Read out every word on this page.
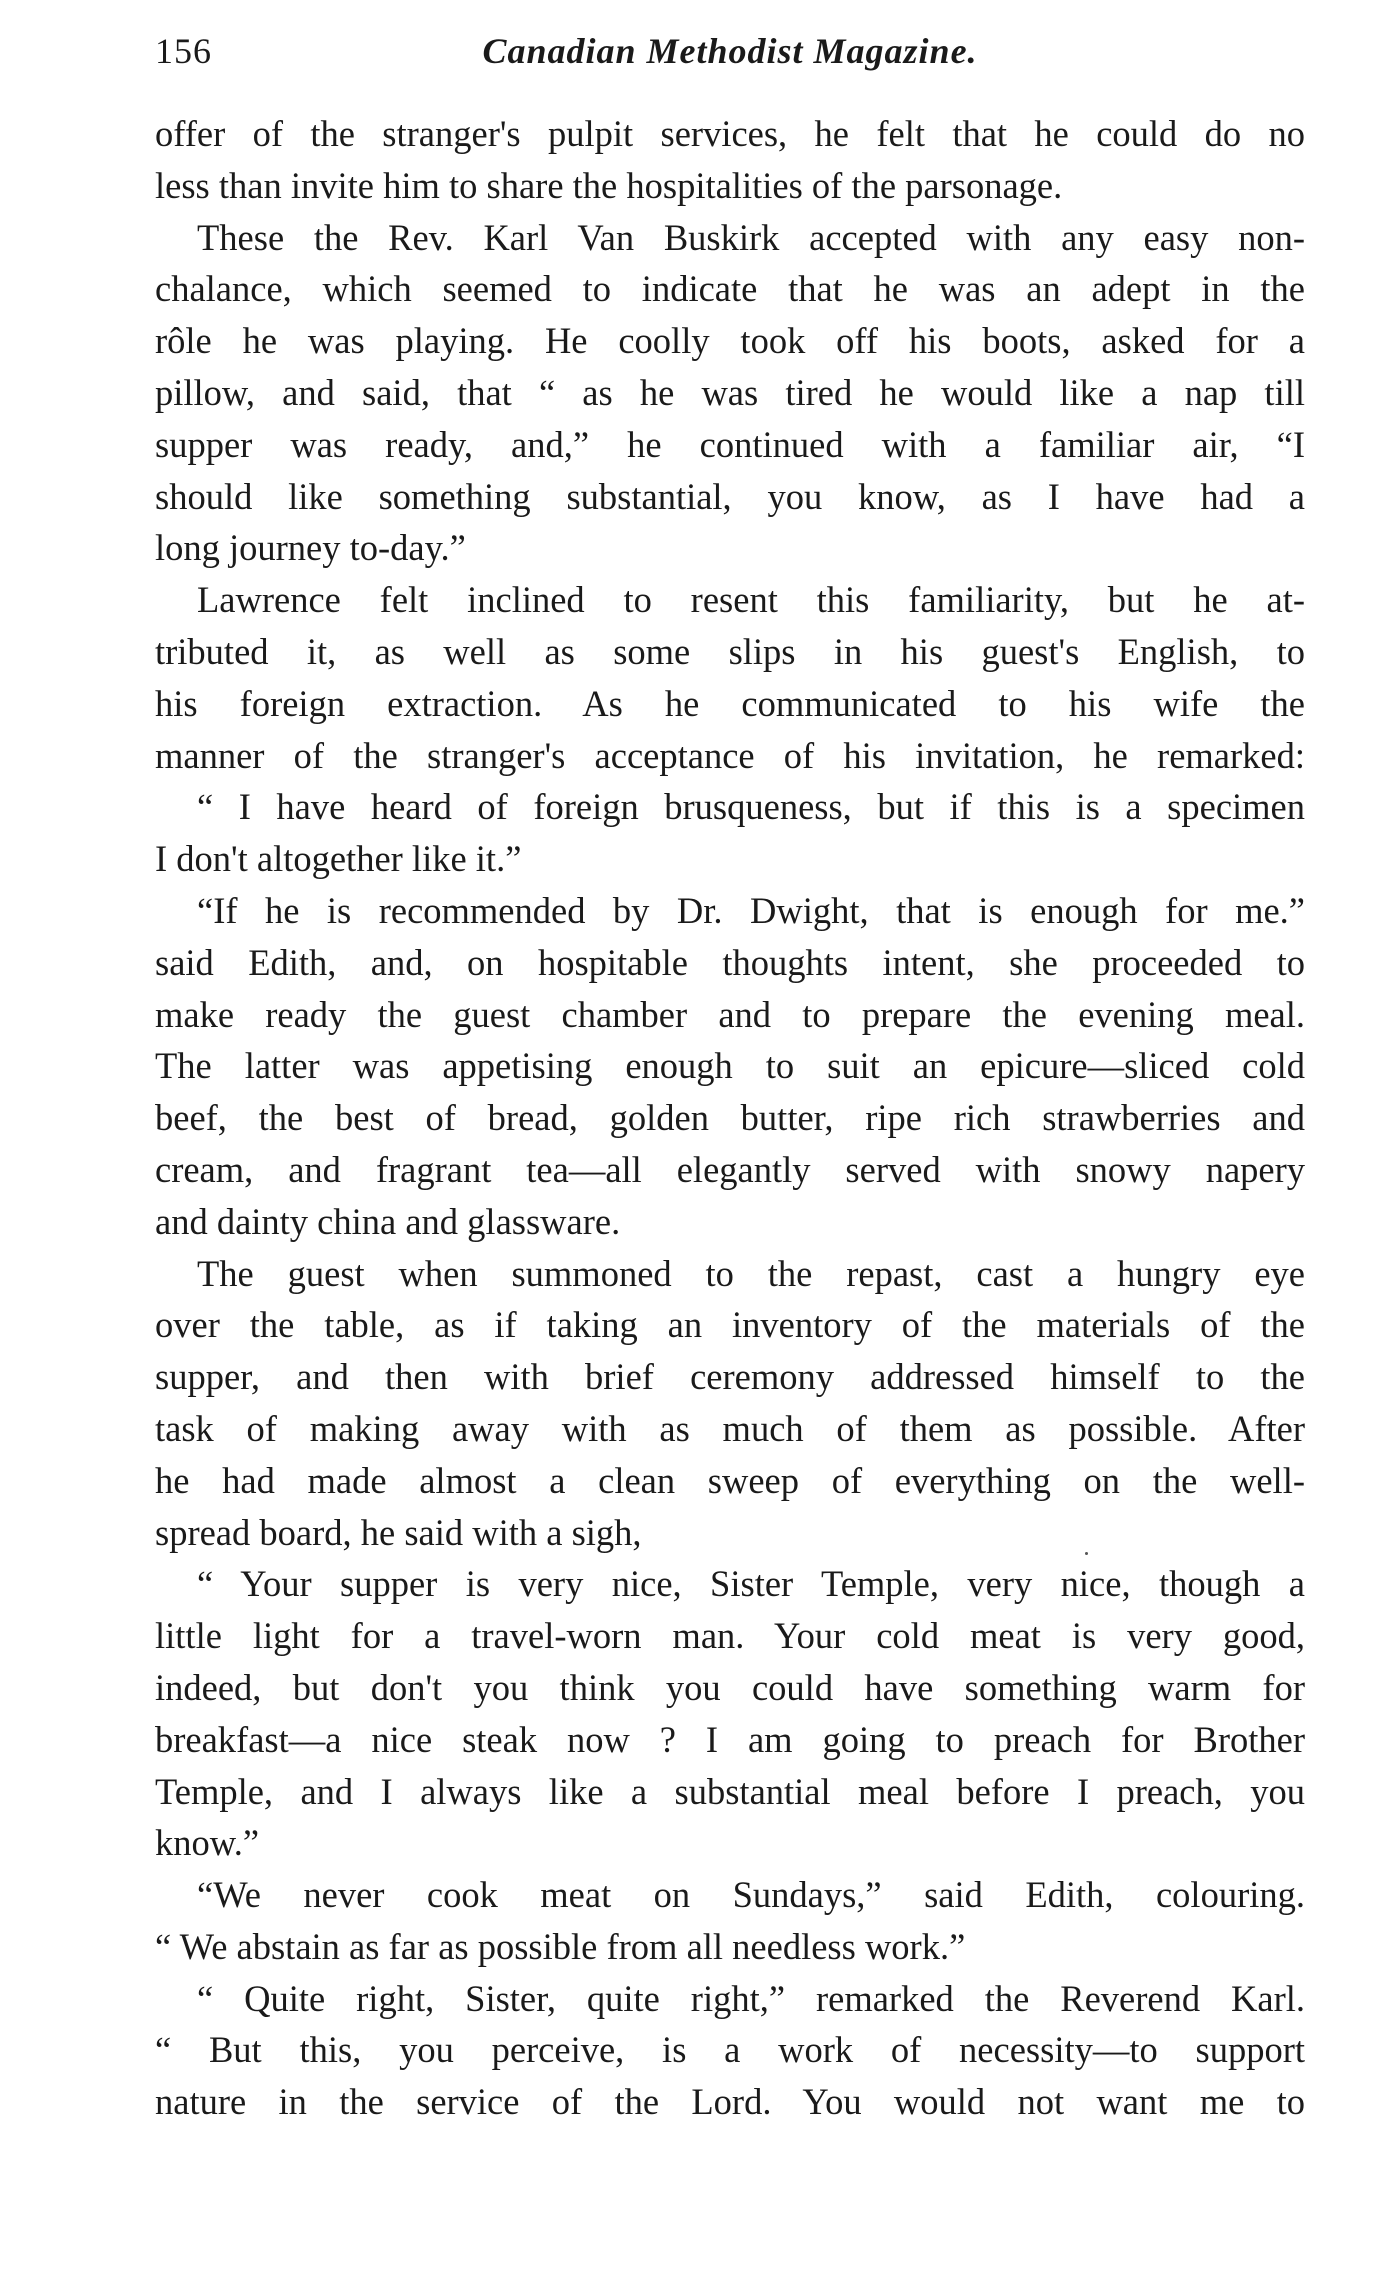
156	Canadian Methodist Magazine.
offer of the stranger's pulpit services, he felt that he could do no
less than invite him to share the hospitalities of the parsonage.
These the Rev. Karl Van Buskirk accepted with any easy non-
chalance, which seemed to indicate that he was an adept in the
rôle he was playing. He coolly took off his boots, asked for a
pillow, and said, that “ as he was tired he would like a nap till
supper was ready, and,” he continued with a familiar air, “I
should like something substantial, you know, as I have had a
long journey to-day.”
Lawrence felt inclined to resent this familiarity, but he at-
tributed it, as well as some slips in his guest's English, to
his foreign extraction. As he communicated to his wife the
manner of the stranger's acceptance of his invitation, he remarked:
“ I have heard of foreign brusqueness, but if this is a specimen
I don't altogether like it.”
“If he is recommended by Dr. Dwight, that is enough for me.”
said Edith, and, on hospitable thoughts intent, she proceeded to
make ready the guest chamber and to prepare the evening meal.
The latter was appetising enough to suit an epicure—sliced cold
beef, the best of bread, golden butter, ripe rich strawberries and
cream, and fragrant tea—all elegantly served with snowy napery
and dainty china and glassware.
The guest when summoned to the repast, cast a hungry eye
over the table, as if taking an inventory of the materials of the
supper, and then with brief ceremony addressed himself to the
task of making away with as much of them as possible. After
he had made almost a clean sweep of everything on the well-
spread board, he said with a sigh,
“ Your supper is very nice, Sister Temple, very nice, though a
little light for a travel-worn man. Your cold meat is very good,
indeed, but don't you think you could have something warm for
breakfast—a nice steak now ? I am going to preach for Brother
Temple, and I always like a substantial meal before I preach, you
know.”
“We never cook meat on Sundays,” said Edith, colouring.
“ We abstain as far as possible from all needless work.”
“ Quite right, Sister, quite right,” remarked the Reverend Karl.
“ But this, you perceive, is a work of necessity—to support
nature in the service of the Lord. You would not want me to
